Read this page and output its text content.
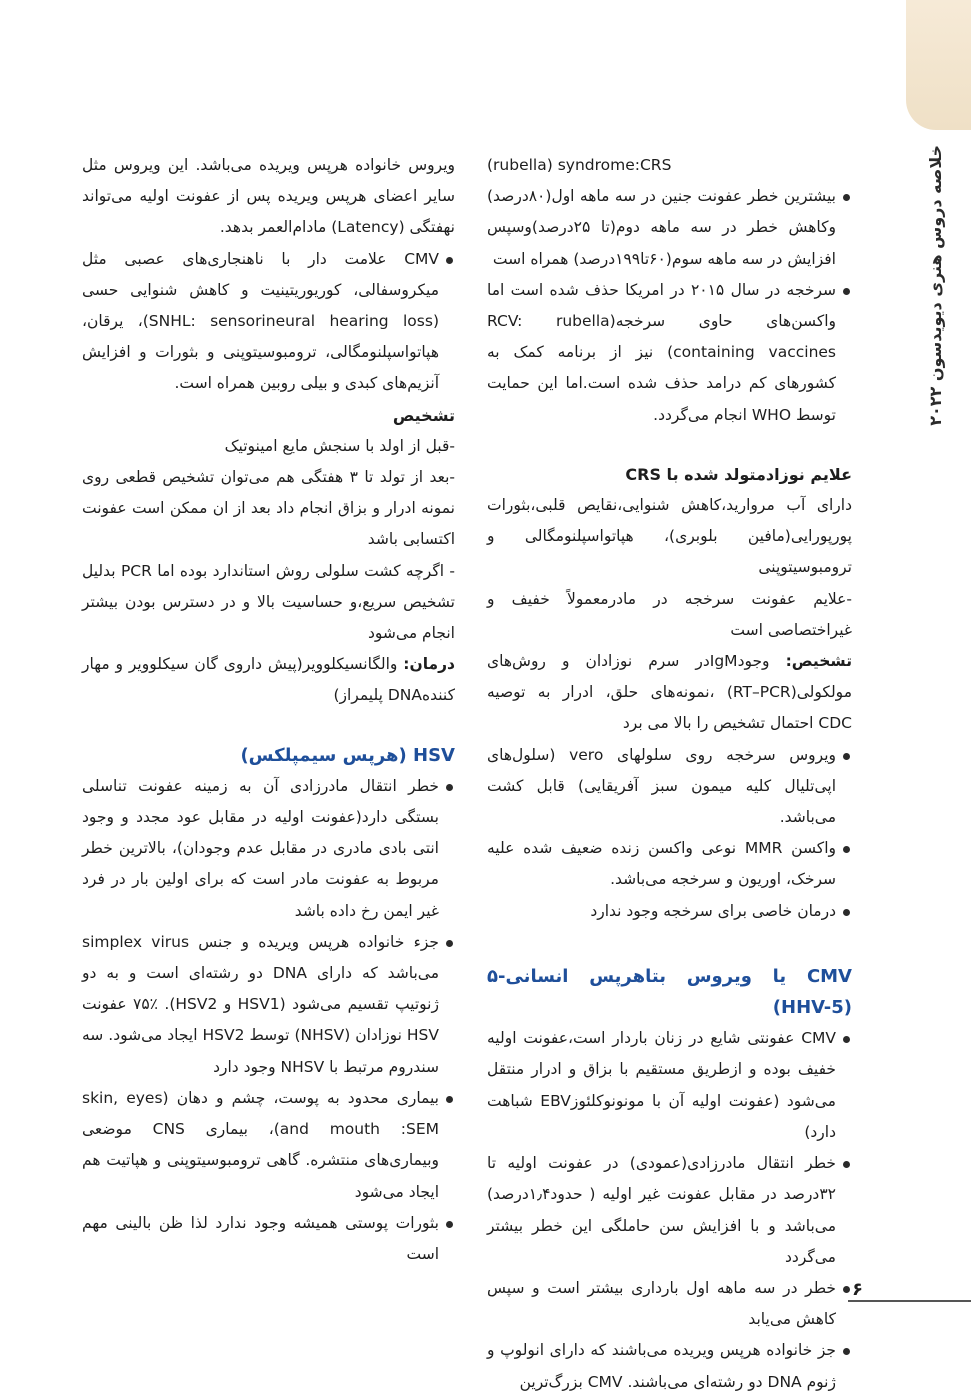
خلاصه دروس هنری دیویدسون ۲۰۲۲

(rubella) syndrome:CRS

بیشترین خطر عفونت جنین در سه ماهه اول(۸۰درصد) وکاهش خطر در سه ماهه دوم(تا ۲۵درصد)وسپس افزایش در سه ماهه سوم(۶۰تا۱۹۹درصد) همراه است
سرخجه در سال ۲۰۱۵ در امریکا حذف شده است اما واکسن‌های حاوی سرخجه(RCV: rubella containing vaccines) نیز از برنامه کمک به کشورهای کم درامد حذف شده است.اما این حمایت توسط WHO انجام می‌گردد.

علایم نوزادمتولد شده با CRS

دارای آب مروارید،کاهش شنوایی،نقایص قلبی،بثورات پورپورایی(مافین بلوبری)، هپاتواسپلنومگالی و ترومبوسیتوپنی

-علایم عفونت سرخجه در مادرمعمولاً خفیف و غیراختصاصی است

تشخیص: وجودIgMدر سرم نوزادان و روش‌های مولکولی(RT–PCR) ،نمونه‌های حلق، ادرار به توصیه CDC احتمال تشخیص را بالا می برد

ویروس سرخجه روی سلولهای vero (سلول‌های اپی‌تلیال کلیه میمون سبز آفریقایی) قابل کشت می‌باشد.
واکسن MMR نوعی واکسن زنده ضعیف شده علیه سرخک، اوریون و سرخجه می‌باشد.
درمان خاصی برای سرخجه وجود ندارد

CMV یا ویروس بتاهرپس انسانی-۵ (HHV-5)

CMV عفونتی شایع در زنان باردار است،عفونت اولیه خفیف بوده و ازطریق مستقیم با بزاق و ادرار منتقل می‌شود (عفونت اولیه آن با مونونوکلئوزEBV شباهت دارد)
خطر انتقال مادرزادی(عمودی) در عفونت اولیه تا ۳۲درصد در مقابل عفونت غیر اولیه ( حدود۱٫۴درصد) می‌باشد و با افزایش سن حاملگی این خطر بیشتر می‌گردد
خطر در سه ماهه اول بارداری بیشتر است و سپس کاهش می‌یابد
جز خانواده هرپس ویریده می‌باشند که دارای انولوپ و ژنوم DNA دو رشته‌ای می‌باشند. CMV بزرگ‌ترین

ویروس خانواده هرپس ویریده می‌باشد. این ویروس مثل سایر اعضای هرپس ویریده پس از عفونت اولیه می‌تواند نهفتگی (Latency) مادام‌العمر بدهد.

CMV علامت دار با ناهنجاری‌های عصبی مثل میکروسفالی، کوریوریتینیت و کاهش شنوایی حسی (SNHL: sensorineural hearing loss)، یرقان، هپاتواسپلنومگالی، ترومبوسیتوپنی و بثورات و افزایش آنزیم‌های کبدی و بیلی روبین همراه است.

تشخیص

-قبل از اولد با سنجش مایع امینوتیک

-بعد از تولد تا ۳ هفتگی هم می‌توان تشخیص قطعی روی نمونه ادرار و بزاق انجام داد بعد از ان ممکن است عفونت اکتسابی باشد

- اگرچه کشت سلولی روش استاندارد بوده اما PCR بدلیل تشخیص سریع،و حساسیت بالا و در دسترس بودن بیشتر انجام می‌شود

درمان: والگانسیکلوویر(پیش داروی گان سیکلوویر و مهار کنندهDNA پلیمراز)

HSV (هرپس سیمپلکس)

خطر انتقال مادرزادی آن به زمینه عفونت تناسلی بستگی دارد(عفونت اولیه در مقابل عود مجدد و وجود انتی بادی مادری در مقابل عدم وجودان)، بالاترین خطر مربوط به عفونت مادر است که برای اولین بار در فرد غیر ایمن رخ داده باشد
جزء خانواده هرپس ویریده و جنس simplex virus می‌باشد که دارای DNA دو رشته‌ای است و به دو ژنوتیپ تقسیم می‌شود (HSV1 و HSV2). ۷۵٪ عفونت HSV نوزادان (NHSV) توسط HSV2 ایجاد می‌شود. سه سندروم مرتبط با NHSV وجود دارد
بیماری محدود به پوست، چشم و دهان (skin, eyes and mouth :SEM)، بیماری CNS موضعی وبیماری‌های منتشره. گاهی ترومبوسیتوپنی و هپاتیت هم ایجاد می‌شود
بثورات پوستی همیشه وجود ندارد لذا ظن بالینی مهم است
۶
